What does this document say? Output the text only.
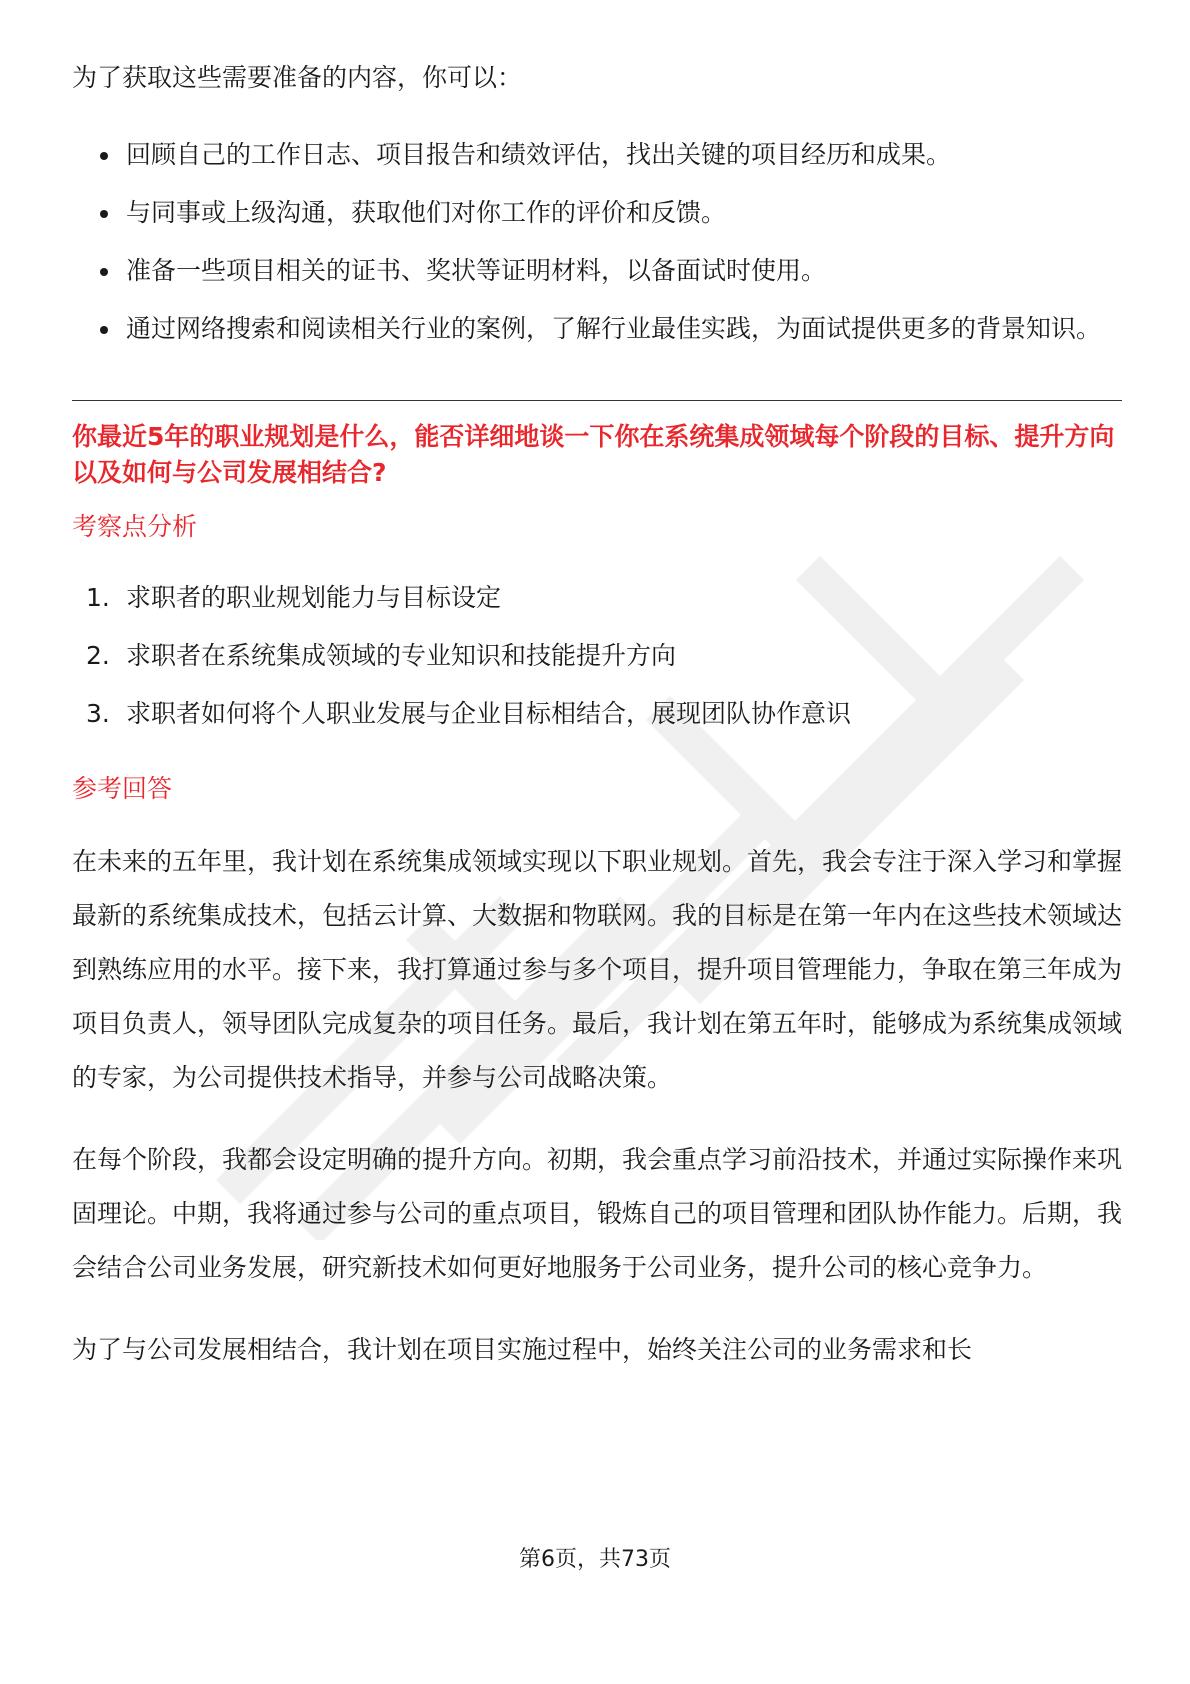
为了获取这些需要准备的内容，你可以：

回顾自己的工作日志、项目报告和绩效评估，找出关键的项目经历和成果。
与同事或上级沟通，获取他们对你工作的评价和反馈。
准备一些项目相关的证书、奖状等证明材料，以备面试时使用。
通过网络搜索和阅读相关行业的案例，了解行业最佳实践，为面试提供更多的背景知识。

你最近5年的职业规划是什么，能否详细地谈一下你在系统集成领域每个阶段的目标、提升方向以及如何与公司发展相结合?

考察点分析

1. 求职者的职业规划能力与目标设定
2. 求职者在系统集成领域的专业知识和技能提升方向
3. 求职者如何将个人职业发展与企业目标相结合，展现团队协作意识

参考回答

在未来的五年里，我计划在系统集成领域实现以下职业规划。首先，我会专注于深入学习和掌握最新的系统集成技术，包括云计算、大数据和物联网。我的目标是在第一年内在这些技术领域达到熟练应用的水平。接下来，我打算通过参与多个项目，提升项目管理能力，争取在第三年成为项目负责人，领导团队完成复杂的项目任务。最后，我计划在第五年时，能够成为系统集成领域的专家，为公司提供技术指导，并参与公司战略决策。

在每个阶段，我都会设定明确的提升方向。初期，我会重点学习前沿技术，并通过实际操作来巩固理论。中期，我将通过参与公司的重点项目，锻炼自己的项目管理和团队协作能力。后期，我会结合公司业务发展，研究新技术如何更好地服务于公司业务，提升公司的核心竞争力。

为了与公司发展相结合，我计划在项目实施过程中，始终关注公司的业务需求和长

第6页，共73页
